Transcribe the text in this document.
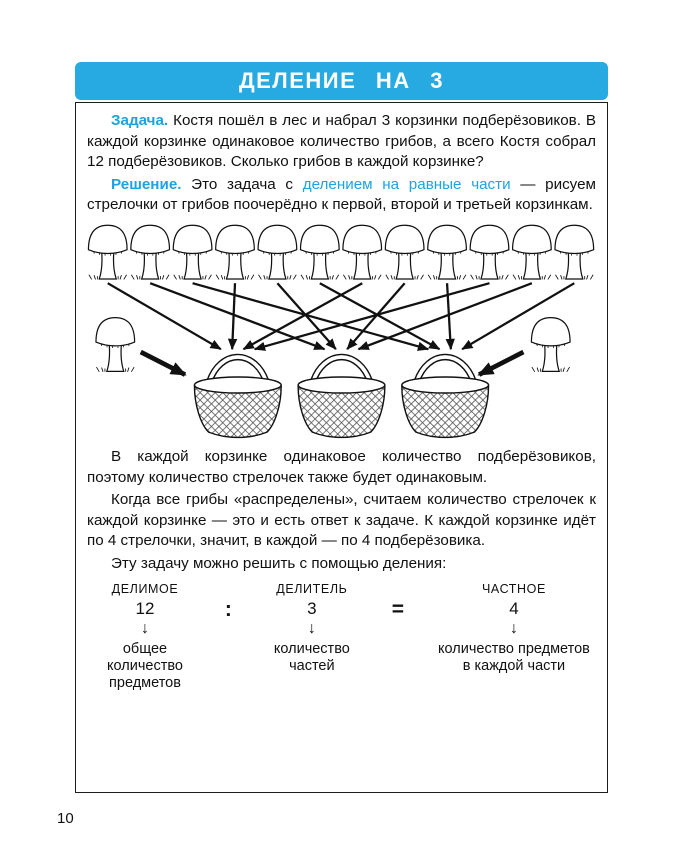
ДЕЛЕНИЕ НА 3

Задача. Костя пошёл в лес и набрал 3 корзинки подберёзовиков. В каждой корзинке одинаковое количество грибов, а всего Костя собрал 12 подберёзовиков. Сколько грибов в каждой корзинке?

Решение. Это задача с делением на равные части — рисуем стрелочки от грибов поочерёдно к первой, второй и третьей корзинкам.

В каждой корзинке одинаковое количество подберёзовиков, поэтому количество стрелочек также будет одинаковым.

Когда все грибы «распределены», считаем количество стрелочек к каждой корзинке — это и есть ответ к задаче. К каждой корзинке идёт по 4 стрелочки, значит, в каждой — по 4 подберёзовика.

Эту задачу можно решить с помощью деления:

ДЕЛИМОЕ
12
↓
общее количество предметов
:
ДЕЛИТЕЛЬ
3
↓
количество частей
=
ЧАСТНОЕ
4
↓
количество предметов в каждой части
10
